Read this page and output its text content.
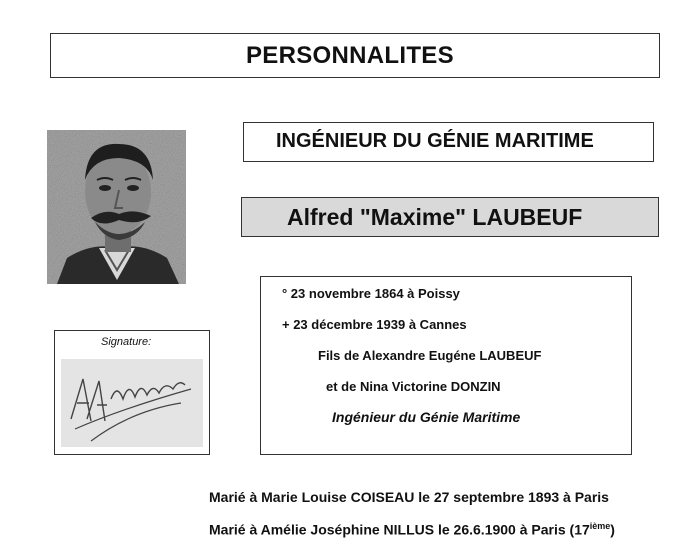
PERSONNALITES
INGÉNIEUR DU GÉNIE MARITIME
Alfred "Maxime" LAUBEUF
Signature:
° 23 novembre 1864 à Poissy
+ 23 décembre 1939 à Cannes
Fils de Alexandre Eugéne LAUBEUF
et de Nina Victorine DONZIN
Ingénieur du Génie Maritime
Marié à Marie Louise COISEAU le 27 septembre 1893 à Paris
Marié à Amélie Joséphine NILLUS le 26.6.1900 à Paris (17ième)
